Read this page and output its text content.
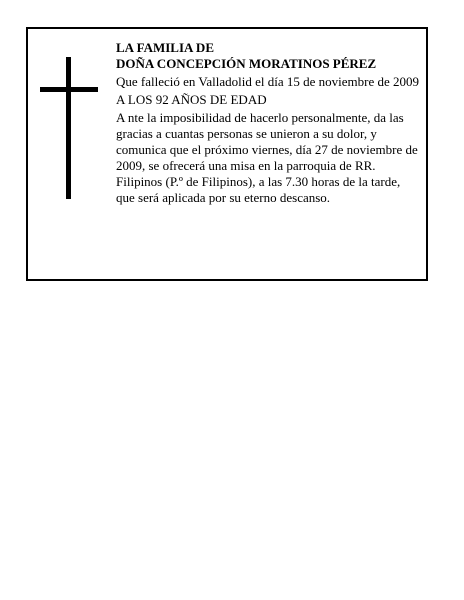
LA FAMILIA DE

DOÑA CONCEPCIÓN MORATINOS PÉREZ

Que falleció en Valladolid el día 15 de noviembre de 2009

A LOS 92 AÑOS DE EDAD

A nte la imposibilidad de hacerlo personalmente, da las gracias a cuantas personas se unieron a su dolor, y comunica que el próximo viernes, día 27 de noviembre de 2009, se ofrecerá una misa en la parroquia de RR. Filipinos (P.º de Filipinos), a las 7.30 horas de la tarde, que será aplicada por su eterno descanso.
